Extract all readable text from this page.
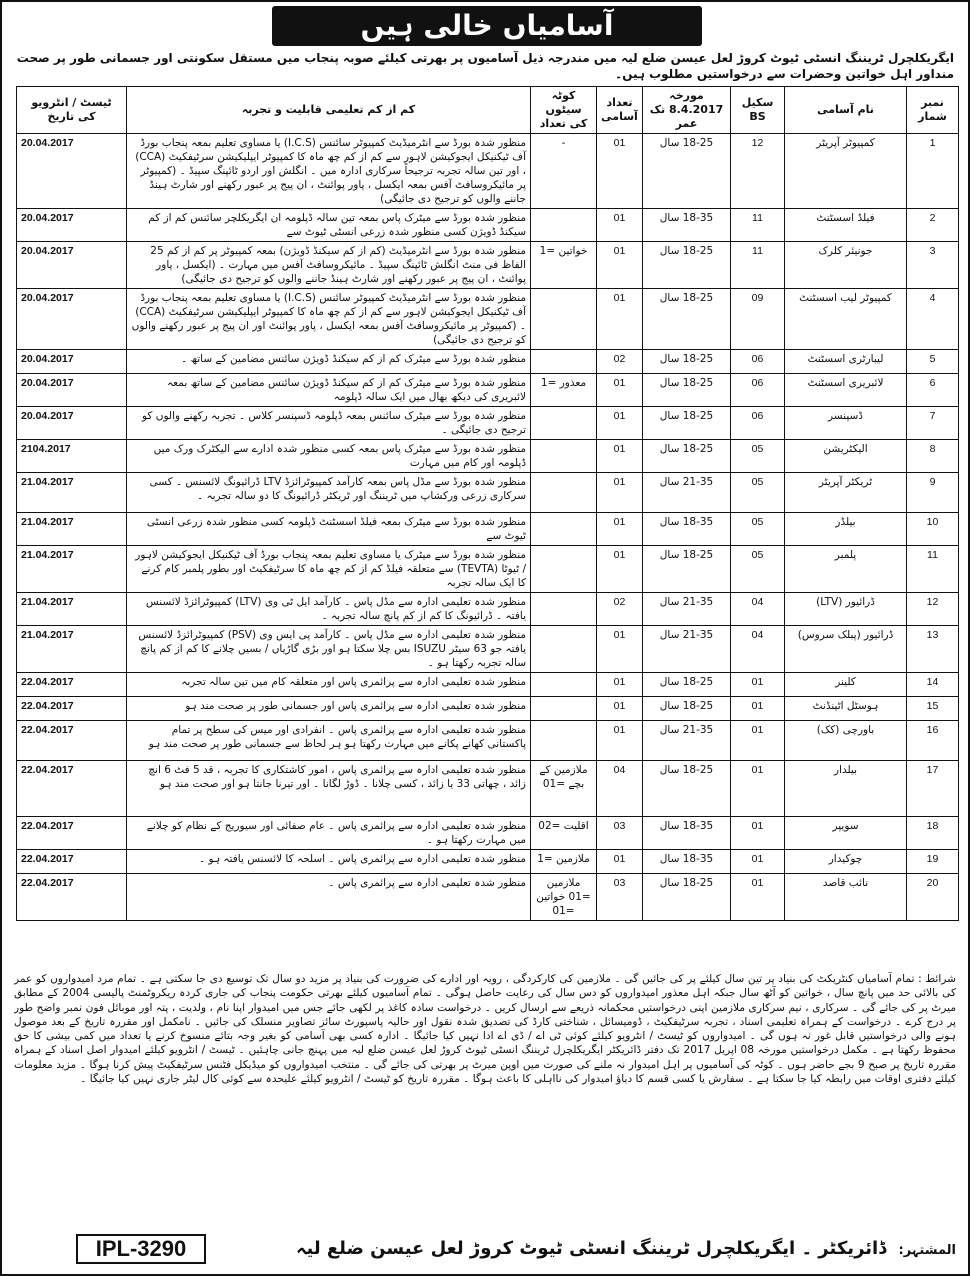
آسامیاں خالی ہیں
ایگریکلچرل ٹریننگ انسٹی ٹیوٹ کروڑ لعل عیسن ضلع لیہ میں مندرجہ ذیل آسامیوں پر بھرتی کیلئے صوبہ پنجاب میں مستقل سکونتی اور جسمانی طور پر صحت منداور اہل خواتین وحضرات سے درخواستیں مطلوب ہیں۔
نمبر شمار	نام آسامی	سکیل BS	مورخہ 8.4.2017 تک عمر	تعداد آسامی	کوٹہ سیٹوں کی تعداد	کم از کم تعلیمی قابلیت و تجربہ	ٹیسٹ / انٹرویو کی تاریخ
1	کمپیوٹر آپریٹر	12	18-25 سال	01	-	منظور شدہ بورڈ سے انٹرمیڈیٹ کمپیوٹر سائنس (I.C.S) یا مساوی تعلیم بمعہ پنجاب بورڈ آف ٹیکنیکل ایجوکیشن لاہور سے کم از کم چھ ماہ کا کمپیوٹر ایپلیکیشن سرٹیفکیٹ (CCA) ، اور تین سالہ تجربہ ترجیحاً سرکاری ادارہ میں ۔ انگلش اور اردو ٹائپنگ سپیڈ ۔ (کمپیوٹر پر مائیکروسافٹ آفس بمعہ ایکسل ، پاور پوائنٹ ، ان پیج پر عبور رکھنے اور شارٹ ہینڈ جاننے والوں کو ترجیح دی جائیگی)	20.04.2017
2	فیلڈ اسسٹنٹ	11	18-35 سال	01		منظور شدہ بورڈ سے میٹرک پاس بمعہ تین سالہ ڈپلومہ ان ایگریکلچر سائنس کم از کم سیکنڈ ڈویژن کسی منظور شدہ زرعی انسٹی ٹیوٹ سے	20.04.2017
3	جونیئر کلرک	11	18-25 سال	01	خواتین =1	منظور شدہ بورڈ سے انٹرمیڈیٹ (کم از کم سیکنڈ ڈویژن) بمعہ کمپیوٹر پر کم از کم 25 الفاظ فی منٹ انگلش ٹائپنگ سپیڈ ۔ مائیکروسافٹ آفس میں مہارت ۔ (ایکسل ، پاور پوائنٹ ، ان پیج پر عبور رکھنے اور شارٹ ہینڈ جاننے والوں کو ترجیح دی جائیگی)	20.04.2017
4	کمپیوٹر لیب اسسٹنٹ	09	18-25 سال	01		منظور شدہ بورڈ سے انٹرمیڈیٹ کمپیوٹر سائنس (I.C.S) یا مساوی تعلیم بمعہ پنجاب بورڈ آف ٹیکنیکل ایجوکیشن لاہور سے کم از کم چھ ماہ کا کمپیوٹر ایپلیکیشن سرٹیفکیٹ (CCA) ۔ (کمپیوٹر پر مائیکروسافٹ آفس بمعہ ایکسل ، پاور پوائنٹ اور ان پیج پر عبور رکھنے والوں کو ترجیح دی جائیگی)	20.04.2017
5	لیبارٹری اسسٹنٹ	06	18-25 سال	02		منظور شدہ بورڈ سے میٹرک کم از کم سیکنڈ ڈویژن سائنس مضامین کے ساتھ ۔	20.04.2017
6	لائبریری اسسٹنٹ	06	18-25 سال	01	معذور =1	منظور شدہ بورڈ سے میٹرک کم از کم سیکنڈ ڈویژن سائنس مضامین کے ساتھ بمعہ لائبریری کی دیکھ بھال میں ایک سالہ ڈپلومہ	20.04.2017
7	ڈسپنسر	06	18-25 سال	01		منظور شدہ بورڈ سے میٹرک سائنس بمعہ ڈپلومہ ڈسپنسر کلاس ۔ تجربہ رکھنے والوں کو ترجیح دی جائیگی ۔	20.04.2017
8	الیکٹریشن	05	18-25 سال	01		منظور شدہ بورڈ سے میٹرک پاس بمعہ کسی منظور شدہ ادارے سے الیکٹرک ورک میں ڈپلومہ اور کام میں مہارت	2104.2017
9	ٹریکٹر آپریٹر	05	21-35 سال	01		منظور شدہ بورڈ سے مڈل پاس بمعہ کارآمد کمپیوٹرائزڈ LTV ڈرائیونگ لائسنس ۔ کسی سرکاری زرعی ورکشاپ میں ٹریننگ اور ٹریکٹر ڈرائیونگ کا دو سالہ تجربہ ۔	21.04.2017
10	بیلڈر	05	18-35 سال	01		منظور شدہ بورڈ سے میٹرک بمعہ فیلڈ اسسٹنٹ ڈپلومہ کسی منظور شدہ زرعی انسٹی ٹیوٹ سے	21.04.2017
11	پلمبر	05	18-25 سال	01		منظور شدہ بورڈ سے میٹرک یا مساوی تعلیم بمعہ پنجاب بورڈ آف ٹیکنیکل ایجوکیشن لاہور / ٹیوٹا (TEVTA) سے متعلقہ فیلڈ کم از کم چھ ماہ کا سرٹیفکیٹ اور بطور پلمبر کام کرنے کا ایک سالہ تجربہ	21.04.2017
12	ڈرائیور (LTV)	04	21-35 سال	02		منظور شدہ تعلیمی ادارہ سے مڈل پاس ۔ کارآمد ایل ٹی وی (LTV) کمپیوٹرائزڈ لائسنس یافتہ ۔ ڈرائیونگ کا کم از کم پانچ سالہ تجربہ ۔	21.04.2017
13	ڈرائیور (پبلک سروس)	04	21-35 سال	01		منظور شدہ تعلیمی ادارہ سے مڈل پاس ۔ کارآمد پی ایس وی (PSV) کمپیوٹرائزڈ لائسنس یافتہ جو 63 سیٹر ISUZU بس چلا سکتا ہو اور بڑی گاڑیاں / بسیں چلانے کا کم از کم پانچ سالہ تجربہ رکھتا ہو ۔	21.04.2017
14	کلینر	01	18-25 سال	01		منظور شدہ تعلیمی ادارہ سے پرائمری پاس اور متعلقہ کام میں تین سالہ تجربہ	22.04.2017
15	ہوسٹل اٹینڈنٹ	01	18-25 سال	01		منظور شدہ تعلیمی ادارہ سے پرائمری پاس اور جسمانی طور پر صحت مند ہو	22.04.2017
16	باورچی (کک)	01	21-35 سال	01		منظور شدہ تعلیمی ادارہ سے پرائمری پاس ۔ انفرادی اور میس کی سطح پر تمام پاکستانی کھانے پکانے میں مہارت رکھتا ہو ہر لحاظ سے جسمانی طور پر صحت مند ہو	22.04.2017
17	بیلدار	01	18-25 سال	04	ملازمین کے بچے =01	منظور شدہ تعلیمی ادارہ سے پرائمری پاس ، امور کاشتکاری کا تجربہ ، قد 5 فٹ 6 انچ زائد ، چھاتی 33 یا زائد ، کسی چلانا ۔ ڈوڑ لگانا ۔ اور تیرنا جانتا ہو اور صحت مند ہو	22.04.2017
18	سویپر	01	18-35 سال	03	اقلیت =02	منظور شدہ تعلیمی ادارہ سے پرائمری پاس ۔ عام صفائی اور سیوریج کے نظام کو چلانے میں مہارت رکھتا ہو ۔	22.04.2017
19	چوکیدار	01	18-35 سال	01	ملازمین =1	منظور شدہ تعلیمی ادارہ سے پرائمری پاس ۔ اسلحہ کا لائسنس یافتہ ہو ۔	22.04.2017
20	نائب قاصد	01	18-25 سال	03	ملازمین =01 خواتین =01	منظور شدہ تعلیمی ادارہ سے پرائمری پاس ۔	22.04.2017
شرائط : تمام آسامیاں کنٹریکٹ کی بنیاد پر تین سال کیلئے پر کی جائیں گی ۔ ملازمین کی کارکردگی ، رویہ اور ادارے کی ضرورت کی بنیاد پر مزید دو سال تک توسیع دی جا سکتی ہے ۔ تمام مرد امیدواروں کو عمر کی بالائی حد میں پانچ سال ، خواتین کو آٹھ سال جبکہ اہل معذور امیدواروں کو دس سال کی رعایت حاصل ہوگی ۔ تمام آسامیوں کیلئے بھرتی حکومت پنجاب کی جاری کردہ ریکروٹمنٹ پالیسی 2004 کے مطابق میرٹ پر کی جائے گی ۔ سرکاری ، نیم سرکاری ملازمین اپنی درخواستیں محکمانہ ذریعے سے ارسال کریں ۔ درخواست سادہ کاغذ پر لکھی جائے جس میں امیدوار اپنا نام ، ولدیت ، پتہ اور موبائل فون نمبر واضح طور پر درج کرے ۔ درخواست کے ہمراہ تعلیمی اسناد ، تجربہ سرٹیفکیٹ ، ڈومیسائل ، شناختی کارڈ کی تصدیق شدہ نقول اور حالیہ پاسپورٹ سائز تصاویر منسلک کی جائیں ۔ نامکمل اور مقررہ تاریخ کے بعد موصول ہونے والی درخواستیں قابل غور نہ ہوں گی ۔ امیدواروں کو ٹیسٹ / انٹرویو کیلئے کوئی ٹی اے / ڈی اے ادا نہیں کیا جائیگا ۔ ادارہ کسی بھی آسامی کو بغیر وجہ بتائے منسوخ کرنے یا تعداد میں کمی بیشی کا حق محفوظ رکھتا ہے ۔ مکمل درخواستیں مورخہ 08 اپریل 2017 تک دفتر ڈائریکٹر ایگریکلچرل ٹریننگ انسٹی ٹیوٹ کروڑ لعل عیسن ضلع لیہ میں پہنچ جانی چاہئیں ۔ ٹیسٹ / انٹرویو کیلئے امیدوار اصل اسناد کے ہمراہ مقررہ تاریخ پر صبح 9 بجے حاضر ہوں ۔ کوٹہ کی آسامیوں پر اہل امیدوار نہ ملنے کی صورت میں اوپن میرٹ پر بھرتی کی جائے گی ۔ منتخب امیدواروں کو میڈیکل فٹنس سرٹیفکیٹ پیش کرنا ہوگا ۔ مزید معلومات کیلئے دفتری اوقات میں رابطہ کیا جا سکتا ہے ۔ سفارش یا کسی قسم کا دباؤ امیدوار کی نااہلی کا باعث ہوگا ۔ مقررہ تاریخ کو ٹیسٹ / انٹرویو کیلئے علیحدہ سے کوئی کال لیٹر جاری نہیں کیا جائیگا ۔
IPL-3290	المشتہر: ڈائریکٹر ۔ ایگریکلچرل ٹریننگ انسٹی ٹیوٹ کروڑ لعل عیسن ضلع لیہ
